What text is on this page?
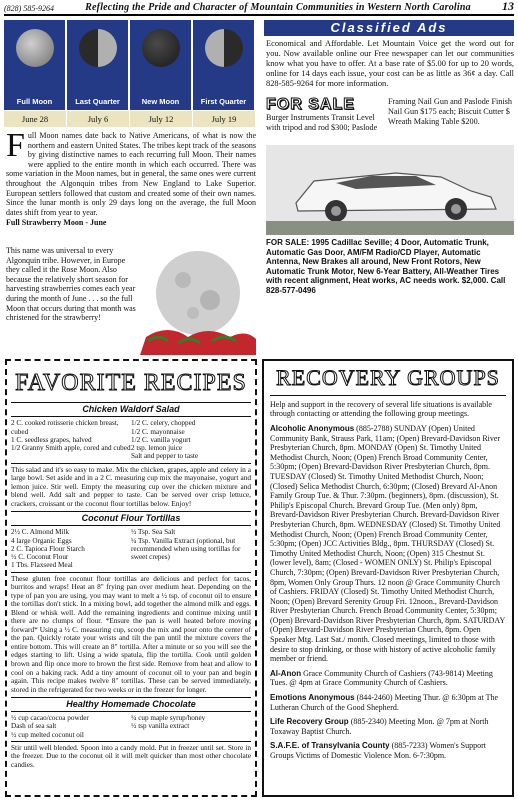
(828) 585-9264	Reflecting the Pride and Character of Mountain Communities in Western North Carolina	13
Full Moon	Last Quarter	New Moon	First Quarter
June 28	July 6	July 12	July 19
F ull Moon names date back to Native Americans, of what is now the northern and eastern United States. The tribes kept track of the seasons by giving distinctive names to each recurring full Moon. Their names were applied to the entire month in which each occurred. There was some variation in the Moon names, but in general, the same ones were current throughout the Algonquin tribes from New England to Lake Superior. European settlers followed that custom and created some of their own names. Since the lunar month is only 29 days long on the average, the full Moon dates shift from year to year.

Full Strawberry Moon - June

This name was universal to every Algonquin tribe. However, in Europe they called it the Rose Moon. Also because the relatively short season for harvesting strawberries comes each year during the month of June . . . so the full Moon that occurs during that month was christened for the strawberry!
Classified Ads
Economical and Affordable. Let Mountain Voice get the word out for you. Now available online our Free newspaper can let our communities know what you have to offer. At a base rate of $5.00 for up to 20 words, online for 14 days each issue, your cost can be as little as 36¢ a day. Call 828-585-9264 for more information.
FOR SALE
Burger Instruments Transit Level with tripod and rod $300; Paslode
Framing Nail Gun and Paslode Finish Nail Gun $175 each; Biscuit Cutter $ Wreath Making Table $200.
FOR SALE: 1995 Cadillac Seville; 4 Door, Automatic Trunk, Automatic Gas Door, AM/FM Radio/CD Player, Automatic Antenna, New Brakes all around, New Front Rotors, New Automatic Trunk Motor, New 6-Year Battery, All-Weather Tires with recent alignment, Heat works, AC needs work. $2,000. Call 828-577-0496
FAVORITE RECIPES
Chicken Waldorf Salad
2 C. cooked rotisserie chicken breast, cubed
1 C. seedless grapes, halved
1/2 Granny Smith apple, cored and cubed
1/2 C. celery, chopped
1/2 C. mayonnaise
1/2 C. vanilla yogurt
2 tsp. lemon juice
Salt and pepper to taste

This salad and it's so easy to make. Mix the chicken, grapes, apple and celery in a large bowl. Set aside and in a 2 C. measuring cup mix the mayonaise, yogurt and lemon juice. Stir well. Empty the measuring cup over the chicken mixture and blend well. Add salt and pepper to taste. Can be served over crisp lettuce, crackers, croissant or the coconut flour tortillas below. Enjoy!

Coconut Flour Tortillas
2½ C. Almond Milk
4 large Organic Eggs
2 C. Tapioca Flour Starch
½ C. Coconut Flour
1 Tbs. Flaxseed Meal
½ Tsp. Sea Salt
¼ Tsp. Vanilla Extract (optional, but recommended when using tortillas for sweet crepes)

These gluten free coconut flour tortillas are delicious and perfect for tacos, burritos and wraps! Heat an 8" frying pan over medium heat. Depending on the type of pan you are using, you may want to melt a ½ tsp. of coconut oil to ensure the tortillas don't stick. In a mixing bowl, add together the almond milk and eggs. Blend or whisk well. Add the remaining ingredients and continue mixing until there are no clumps of flour. *Ensure the pan is well heated before moving forward* Using a ½ C. measuring cup, scoop the mix and pour onto the center of the pan. Quickly rotate your wrists and tilt the pan until the mixture covers the entire bottom. This will create an 8" tortilla. After a minute or so you will see the edges starting to lift. Using a wide spatula, flip the tortilla. Cook until golden brown and flip once more to brown the first side. Remove from heat and allow to cool on a baking rack. Add a tiny amount of coconut oil to your pan and begin again. This recipe makes twelve 8" tortillas. These can be served immediately, stored in the refrigerated for two weeks or in the freezer for longer.

Healthy Homemade Chocolate
½ cup cacao/cocoa powder
Dash of sea salt
½ cup melted coconut oil
¼ cup maple syrup/honey
½ tsp vanilla extract

Stir until well blended. Spoon into a candy mold. Put in freezer until set. Store in the freezer. Due to the coconut oil it will melt quicker than most other chocolate candies.

RECOVERY GROUPS

Help and support in the recovery of several life situations is available through contacting or attending the following group meetings.

Alcoholic Anonymous (885-2788) SUNDAY (Open) United Community Bank, Strauss Park, 11am; (Open) Brevard-Davidson River Presbyterian Church, 8pm. MONDAY (Open) St. Timothy United Methodist Church, Noon; (Open) French Broad Community Center, 5:30pm; (Open) Brevard-Davidson River Presbyterian Church, 8pm. TUESDAY (Closed) St. Timothy United Methodist Church, Noon; (Closed) Selica Methodist Church, 6:30pm; (Closed) Brevard Al-Anon Family Group Tue. & Thur. 7:30pm. (beginners), 8pm. (discussion), St. Philip's Episcopal Church. Brevard Group Tue. (Men only) 8pm, Brevard-Davidson River Presbyterian Church. Brevard-Davidson River Presbyterian Church, 8pm. WEDNESDAY (Closed) St. Timothy United Methodist Church, Noon; (Open) French Broad Community Center, 5:30pm; (Open) JCC Activities Bldg., 8pm. THURSDAY (Closed) St. Timothy United Methodist Church, Noon; (Open) 315 Chestnut St. (lower level), 8am; (Closed - WOMEN ONLY) St. Philip's Episcopal Church, 7:30pm; (Open) Brevard-Davidson River Presbyterian Church, 8pm, Women Only Group Thurs. 12 noon @ Grace Community Church of Cashiers. FRIDAY (Closed) St. Timothy United Methodist Church, Noon; (Open) Brevard Serenity Group Fri. 12noon., Brevard-Davidson River Presbyterian Church. French Broad Community Center, 5:30pm; (Open) Brevard-Davidson River Presbyterian Church, 8pm. SATURDAY (Open) Brevard-Davidson River Presbyterian Church, 8pm. Open Speaker Mtg. Last Sat./ month. Closed meetings, limited to those with desire to stop drinking, or those with history of active alcoholic family member or friend.

Al-Anon Grace Community Church of Cashiers (743-9814) Meeting Tues. @ 4pm at Grace Community Church of Cashiers.

Emotions Anonymous (844-2460) Meeting Thur. @ 6:30pm at The Lutheran Church of the Good Shepherd.

Life Recovery Group (885-2340) Meeting Mon. @ 7pm at North Toxaway Baptist Church.

S.A.F.E. of Transylvania County (885-7233) Women's Support Groups Victims of Domestic Violence Mon. 6-7:30pm.
